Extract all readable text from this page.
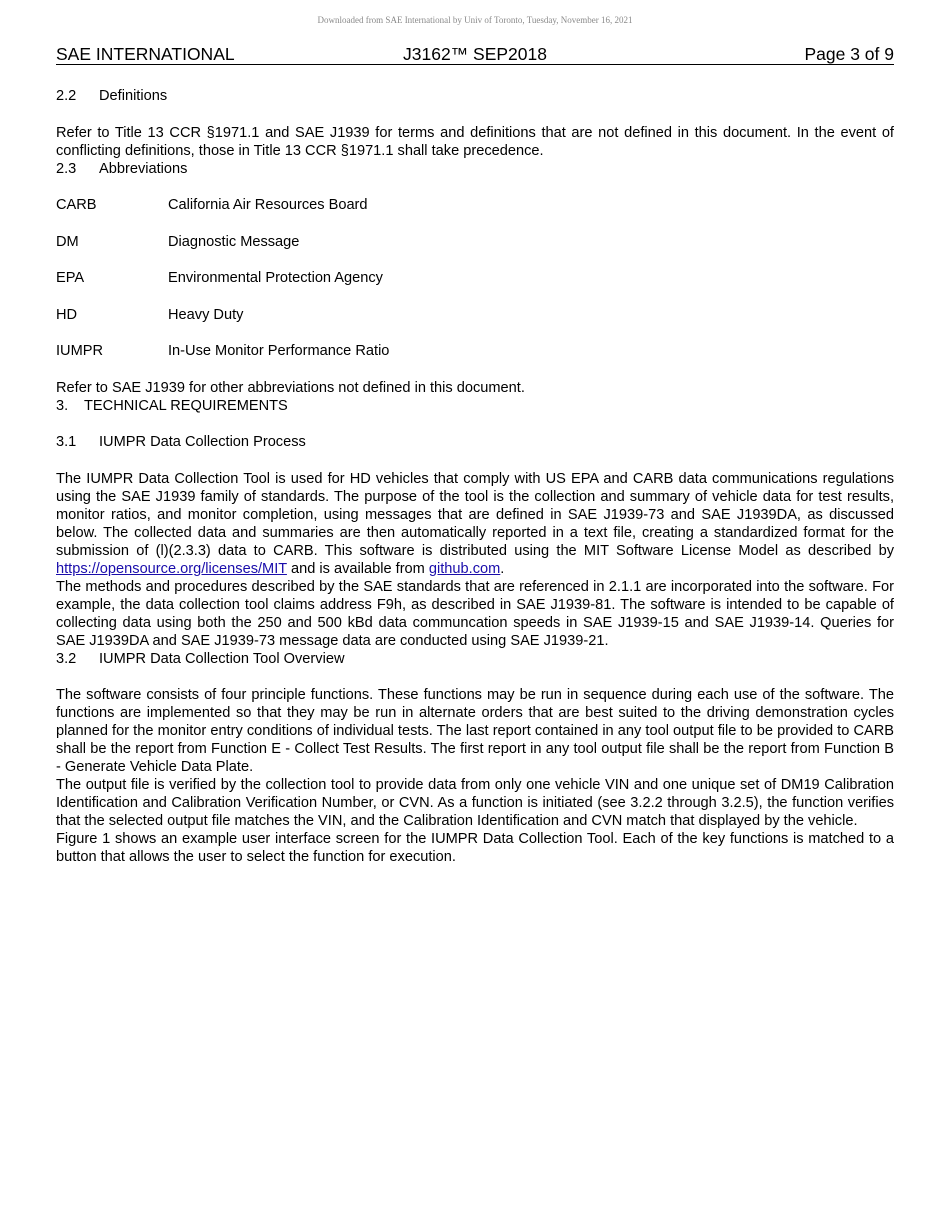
Downloaded from SAE International by Univ of Toronto, Tuesday, November 16, 2021
J3162™ SEP2018
SAE INTERNATIONAL	Page 3 of 9
2.2	Definitions

Refer to Title 13 CCR §1971.1 and SAE J1939 for terms and definitions that are not defined in this document. In the event of conflicting definitions, those in Title 13 CCR §1971.1 shall take precedence.

2.3	Abbreviations
CARB	California Air Resources Board
DM	Diagnostic Message
EPA	Environmental Protection Agency
HD	Heavy Duty
IUMPR	In-Use Monitor Performance Ratio

Refer to SAE J1939 for other abbreviations not defined in this document.

3.	TECHNICAL REQUIREMENTS
3.1	IUMPR Data Collection Process

The IUMPR Data Collection Tool is used for HD vehicles that comply with US EPA and CARB data communications regulations using the SAE J1939 family of standards. The purpose of the tool is the collection and summary of vehicle data for test results, monitor ratios, and monitor completion, using messages that are defined in SAE J1939-73 and SAE J1939DA, as discussed below. The collected data and summaries are then automatically reported in a text file, creating a standardized format for the submission of (l)(2.3.3) data to CARB. This software is distributed using the MIT Software License Model as described by https://opensource.org/licenses/MIT and is available from github.com.

The methods and procedures described by the SAE standards that are referenced in 2.1.1 are incorporated into the software. For example, the data collection tool claims address F9h, as described in SAE J1939-81. The software is intended to be capable of collecting data using both the 250 and 500 kBd data communcation speeds in SAE J1939-15 and SAE J1939-14. Queries for SAE J1939DA and SAE J1939-73 message data are conducted using SAE J1939-21.

3.2	IUMPR Data Collection Tool Overview

The software consists of four principle functions. These functions may be run in sequence during each use of the software. The functions are implemented so that they may be run in alternate orders that are best suited to the driving demonstration cycles planned for the monitor entry conditions of individual tests. The last report contained in any tool output file to be provided to CARB shall be the report from Function E - Collect Test Results. The first report in any tool output file shall be the report from Function B - Generate Vehicle Data Plate.

The output file is verified by the collection tool to provide data from only one vehicle VIN and one unique set of DM19 Calibration Identification and Calibration Verification Number, or CVN. As a function is initiated (see 3.2.2 through 3.2.5), the function verifies that the selected output file matches the VIN, and the Calibration Identification and CVN match that displayed by the vehicle.

Figure 1 shows an example user interface screen for the IUMPR Data Collection Tool. Each of the key functions is matched to a button that allows the user to select the function for execution.
